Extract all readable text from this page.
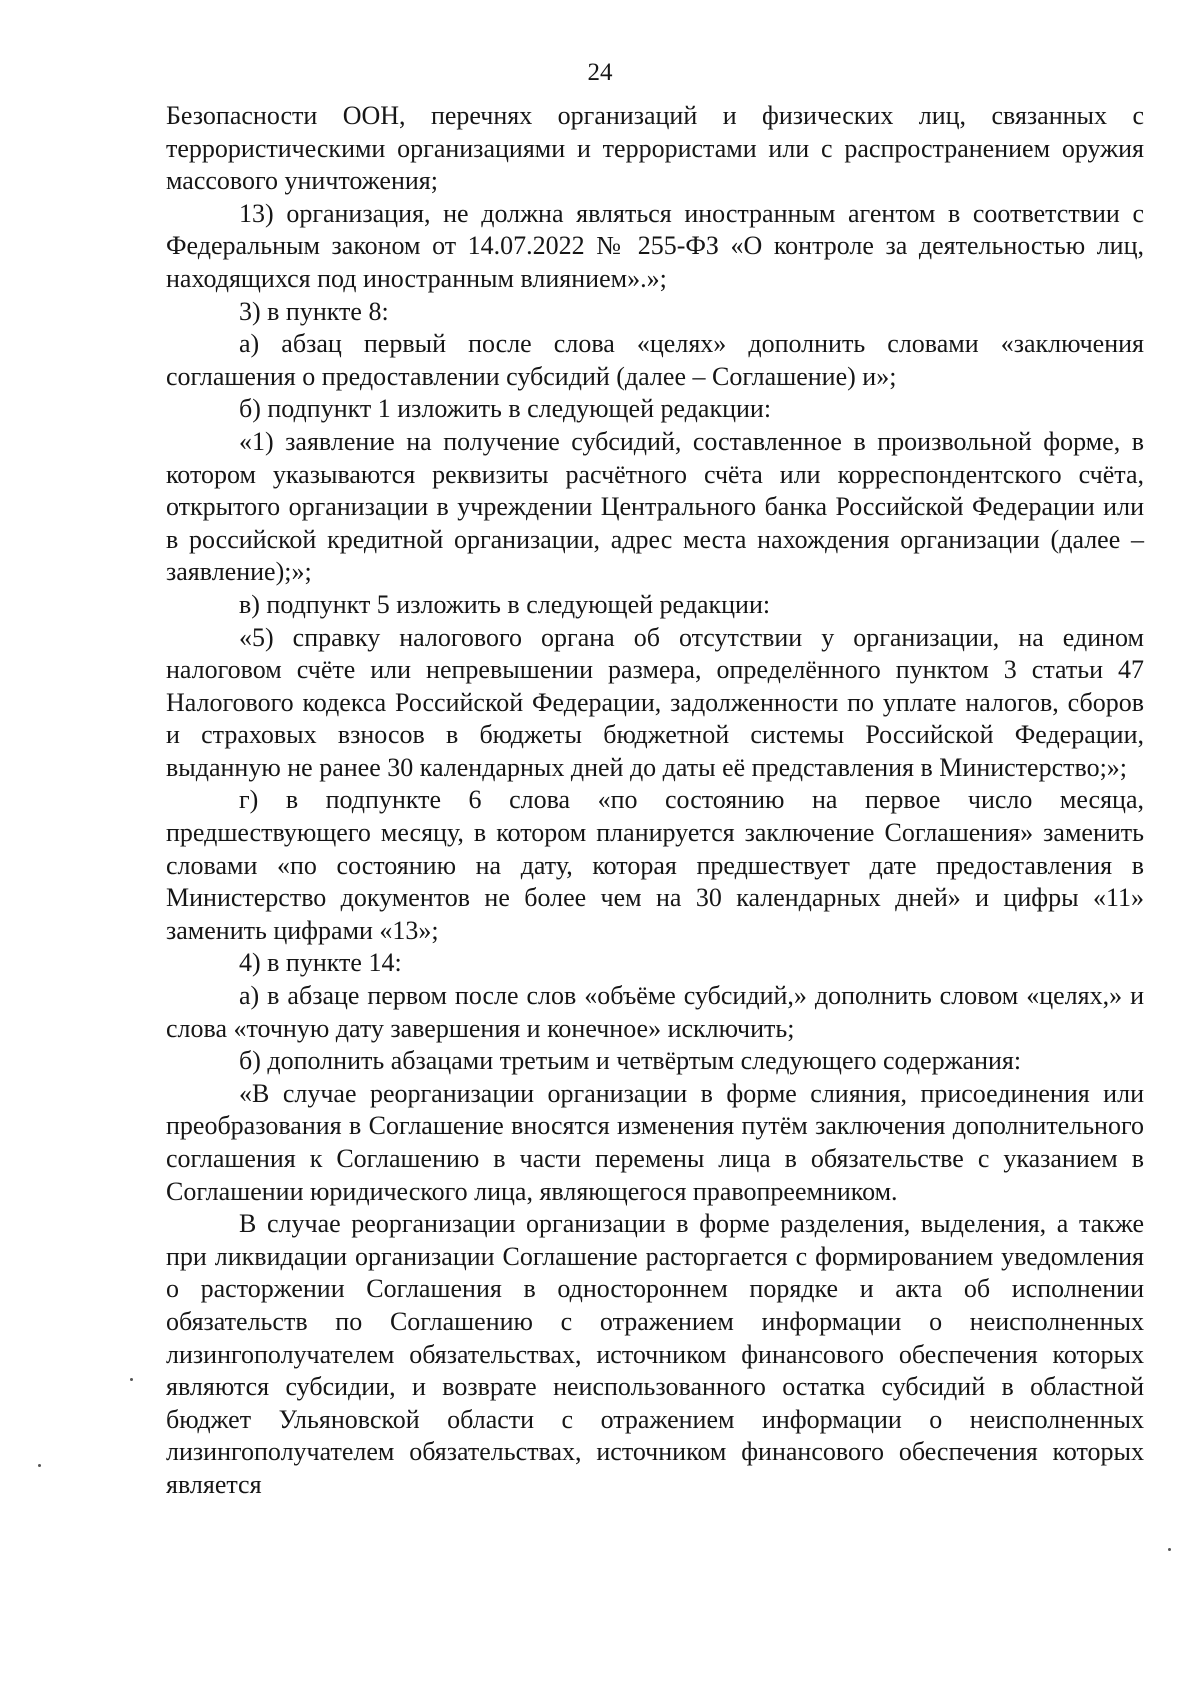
24

Безопасности ООН, перечнях организаций и физических лиц, связанных с террористическими организациями и террористами или с распространением оружия массового уничтожения;

13) организация, не должна являться иностранным агентом в соответствии с Федеральным законом от 14.07.2022 № 255-ФЗ «О контроле за деятельностью лиц, находящихся под иностранным влиянием».»;

3) в пункте 8:

а) абзац первый после слова «целях» дополнить словами «заключения соглашения о предоставлении субсидий (далее – Соглашение) и»;

б) подпункт 1 изложить в следующей редакции:

«1) заявление на получение субсидий, составленное в произвольной форме, в котором указываются реквизиты расчётного счёта или корреспондентского счёта, открытого организации в учреждении Центрального банка Российской Федерации или в российской кредитной организации, адрес места нахождения организации (далее – заявление);»;

в) подпункт 5 изложить в следующей редакции:

«5) справку налогового органа об отсутствии у организации, на едином налоговом счёте или непревышении размера, определённого пунктом 3 статьи 47 Налогового кодекса Российской Федерации, задолженности по уплате налогов, сборов и страховых взносов в бюджеты бюджетной системы Российской Федерации, выданную не ранее 30 календарных дней до даты её представления в Министерство;»;

г) в подпункте 6 слова «по состоянию на первое число месяца, предшествующего месяцу, в котором планируется заключение Соглашения» заменить словами «по состоянию на дату, которая предшествует дате предоставления в Министерство документов не более чем на 30 календарных дней» и цифры «11» заменить цифрами «13»;

4) в пункте 14:

а) в абзаце первом после слов «объёме субсидий,» дополнить словом «целях,» и слова «точную дату завершения и конечное» исключить;

б) дополнить абзацами третьим и четвёртым следующего содержания:

«В случае реорганизации организации в форме слияния, присоединения или преобразования в Соглашение вносятся изменения путём заключения дополнительного соглашения к Соглашению в части перемены лица в обязательстве с указанием в Соглашении юридического лица, являющегося правопреемником.

В случае реорганизации организации в форме разделения, выделения, а также при ликвидации организации Соглашение расторгается с формированием уведомления о расторжении Соглашения в одностороннем порядке и акта об исполнении обязательств по Соглашению с отражением информации о неисполненных лизингополучателем обязательствах, источником финансового обеспечения которых являются субсидии, и возврате неиспользованного остатка субсидий в областной бюджет Ульяновской области с отражением информации о неисполненных лизингополучателем обязательствах, источником финансового обеспечения которых является
